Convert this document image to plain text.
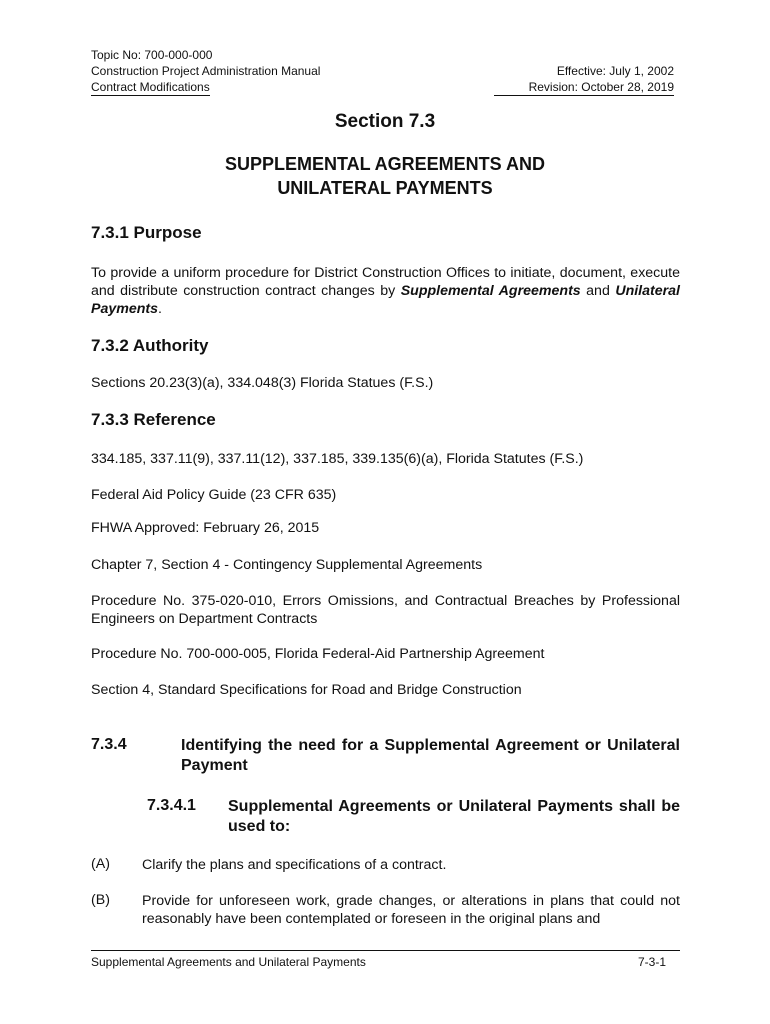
Topic No: 700-000-000
Construction Project Administration Manual	Effective: July 1, 2002
Contract Modifications	Revision: October 28, 2019
Section 7.3
SUPPLEMENTAL AGREEMENTS AND
UNILATERAL PAYMENTS
7.3.1 Purpose
To provide a uniform procedure for District Construction Offices to initiate, document, execute and distribute construction contract changes by Supplemental Agreements and Unilateral Payments.
7.3.2 Authority
Sections 20.23(3)(a), 334.048(3) Florida Statues (F.S.)
7.3.3 Reference
334.185, 337.11(9), 337.11(12), 337.185, 339.135(6)(a), Florida Statutes (F.S.)
Federal Aid Policy Guide (23 CFR 635)
FHWA Approved: February 26, 2015
Chapter 7, Section 4 - Contingency Supplemental Agreements
Procedure No. 375-020-010, Errors Omissions, and Contractual Breaches by Professional Engineers on Department Contracts
Procedure No. 700-000-005, Florida Federal-Aid Partnership Agreement
Section 4, Standard Specifications for Road and Bridge Construction
7.3.4	Identifying the need for a Supplemental Agreement or Unilateral Payment
7.3.4.1 Supplemental Agreements or Unilateral Payments shall be used to:
(A) Clarify the plans and specifications of a contract.
(B) Provide for unforeseen work, grade changes, or alterations in plans that could not reasonably have been contemplated or foreseen in the original plans and
Supplemental Agreements and Unilateral Payments	7-3-1
